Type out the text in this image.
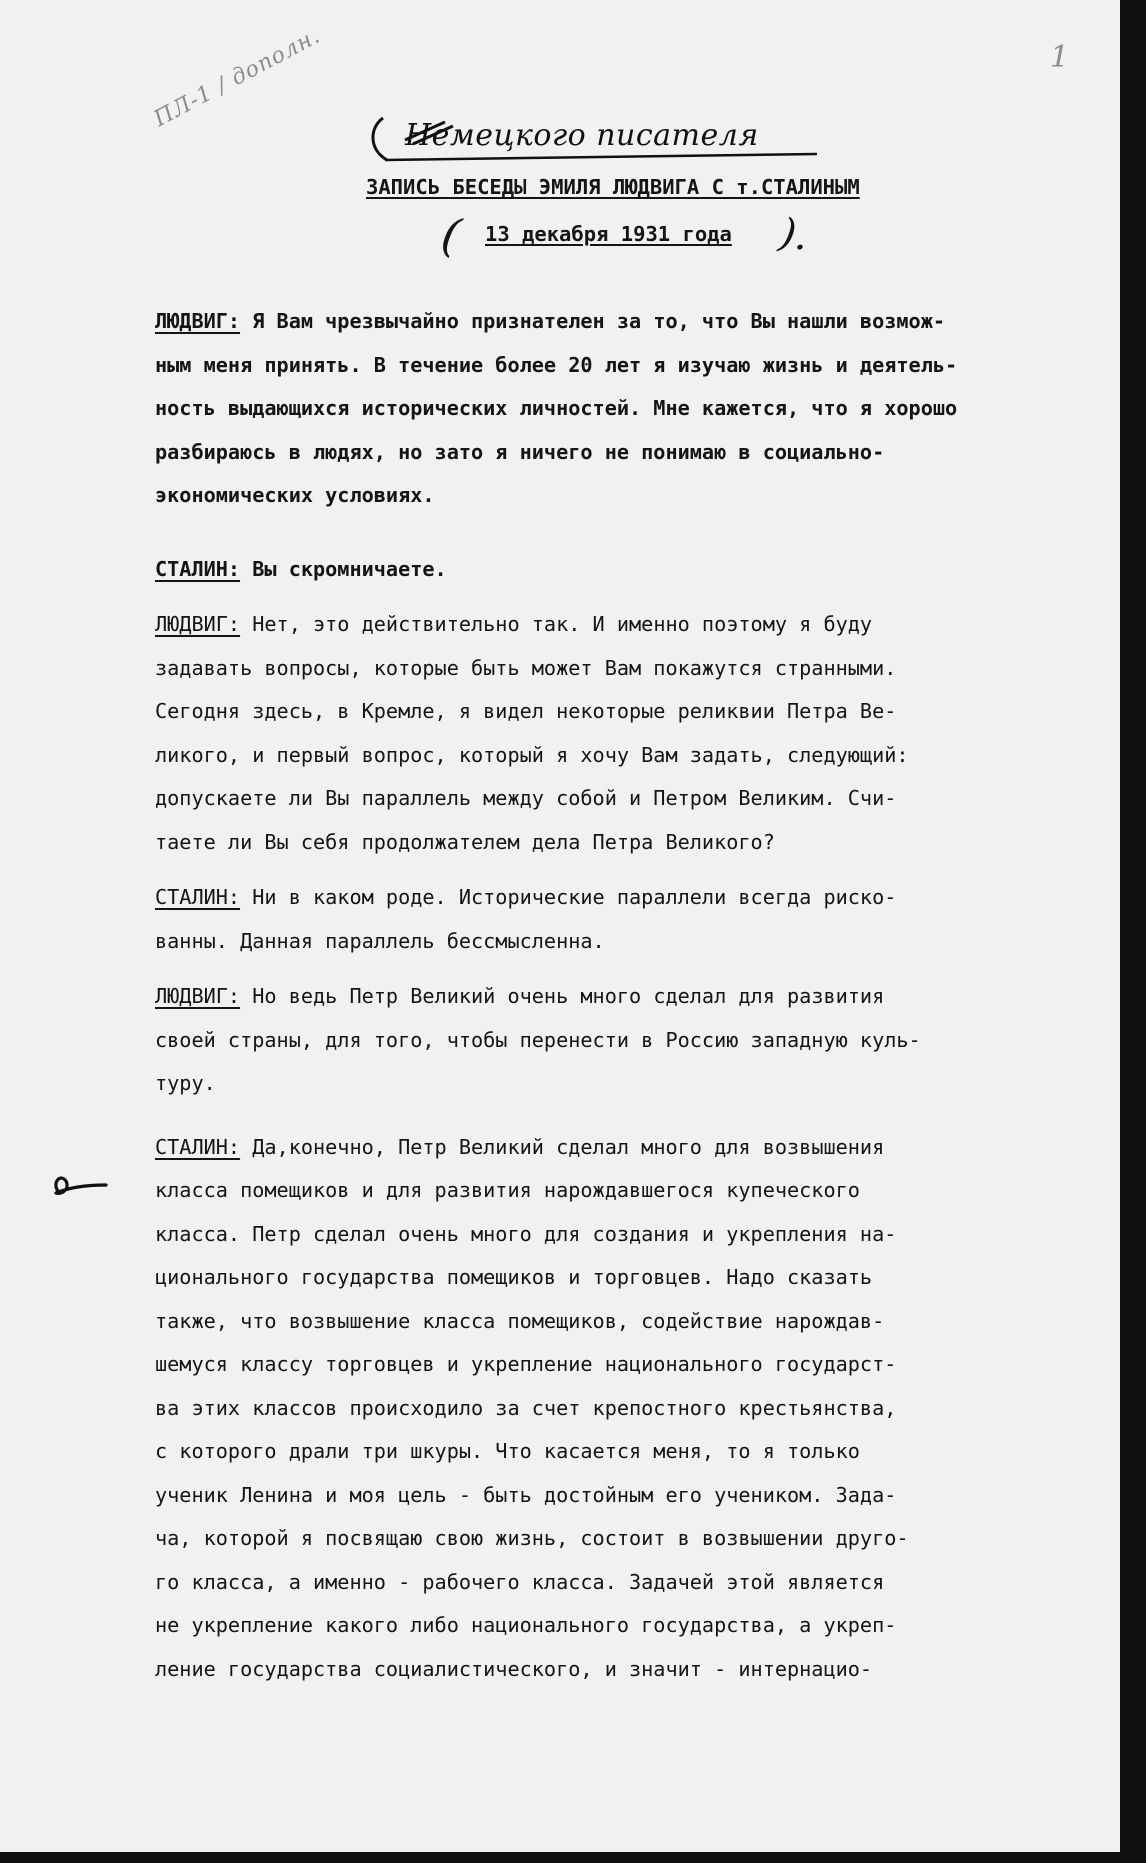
1
ПЛ-1 / дополн.
Немецкого писателя
ЗАПИСЬ БЕСЕДЫ ЭМИЛЯ ЛЮДВИГА С т.СТАЛИНЫМ
( 13 декабря 1931 года ).
ЛЮДВИГ: Я Вам чрезвычайно признателен за то, что Вы нашли возмож-
ным меня принять. В течение более 20 лет я изучаю жизнь и деятель-
ность выдающихся исторических личностей. Мне кажется, что я хорошо
разбираюсь в людях, но зато я ничего не понимаю в социально-
экономических условиях.
СТАЛИН: Вы скромничаете.
ЛЮДВИГ: Нет, это действительно так. И именно поэтому я буду
задавать вопросы, которые быть может Вам покажутся странными.
Сегодня здесь, в Кремле, я видел некоторые реликвии Петра Ве-
ликого, и первый вопрос, который я хочу Вам задать, следующий:
допускаете ли Вы параллель между собой и Петром Великим. Счи-
таете ли Вы себя продолжателем дела Петра Великого?
СТАЛИН: Ни в каком роде. Исторические параллели всегда рискo-
ванны. Данная параллель бессмысленна.
ЛЮДВИГ: Но ведь Петр Великий очень много сделал для развития
своей страны, для того, чтобы перенести в Россию западную куль-
туру.
СТАЛИН: Да,конечно, Петр Великий сделал много для возвышения
класса помещиков и для развития нарождавшегося купеческого
класса. Петр сделал очень много для создания и укрепления на-
ционального государства помещиков и торговцев. Надо сказать
также, что возвышение класса помещиков, содействие нарождав-
шемуся классу торговцев и укрепление национального государст-
ва этих классов происходило за счет крепостного крестьянства,
с которого драли три шкуры. Что касается меня, то я только
ученик Ленина и моя цель - быть достойным его учеником. Зада-
ча, которой я посвящаю свою жизнь, состоит в возвышении друго-
го класса, а именно - рабочего класса. Задачей этой является
не укрепление какого либо национального государства, а укреп-
ление государства социалистического, и значит - интернацио-
